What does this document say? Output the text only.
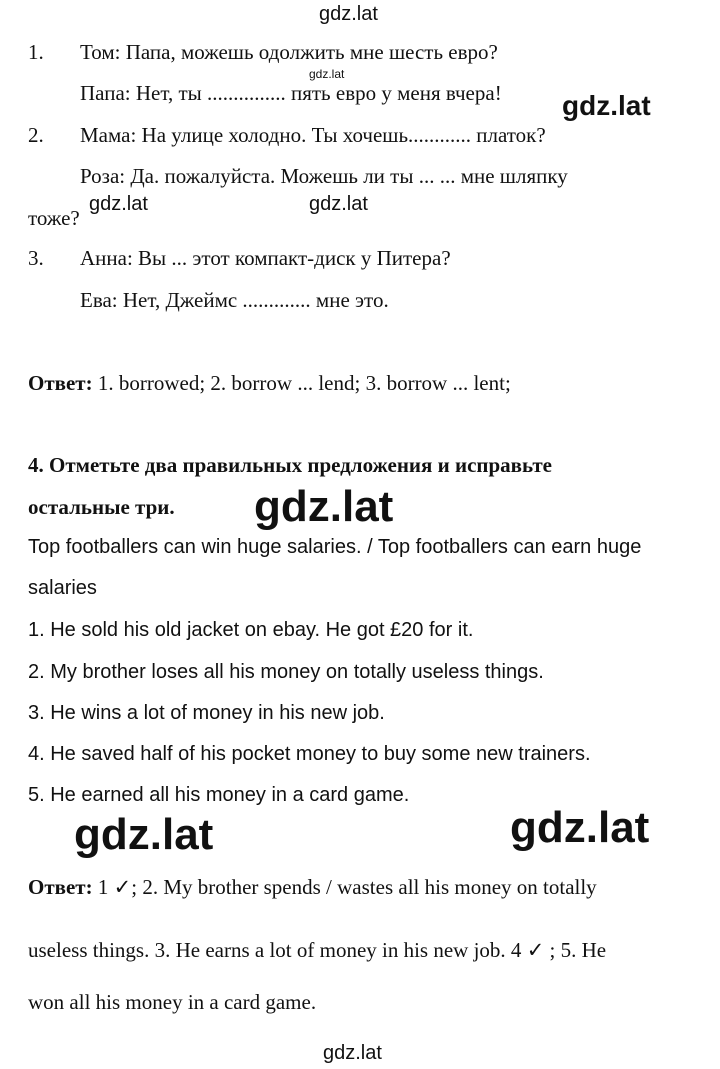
gdz.lat
gdz.lat
gdz.lat
gdz.lat	gdz.lat
1. Том: Папа, можешь одолжить мне шесть евро?
Папа: Нет, ты ............... пять евро у меня вчера!
2. Мама: На улице холодно. Ты хочешь............ платок?
Роза: Да. пожалуйста. Можешь ли ты ... ... мне шляпку
тоже?
3. Анна: Вы ... этот компакт-диск у Питера?
Ева: Нет, Джеймс ............. мне это.
Ответ: 1. borrowed; 2. borrow ... lend; 3. borrow ... lent;
4. Отметьте два правильных предложения и исправьте
остальные три. gdz.lat
Top footballers can win huge salaries. / Top footballers can earn huge
salaries
1. He sold his old jacket on ebay. He got £20 for it.
2. My brother loses all his money on totally useless things.
3. He wins a lot of money in his new job.
4. He saved half of his pocket money to buy some new trainers.
5. He earned all his money in a card game.
gdz.lat	gdz.lat
Ответ: 1 ✓; 2. My brother spends / wastes all his money on totally
useless things. 3. He earns a lot of money in his new job. 4 ✓ ; 5. He
won all his money in a card game.
gdz.lat
